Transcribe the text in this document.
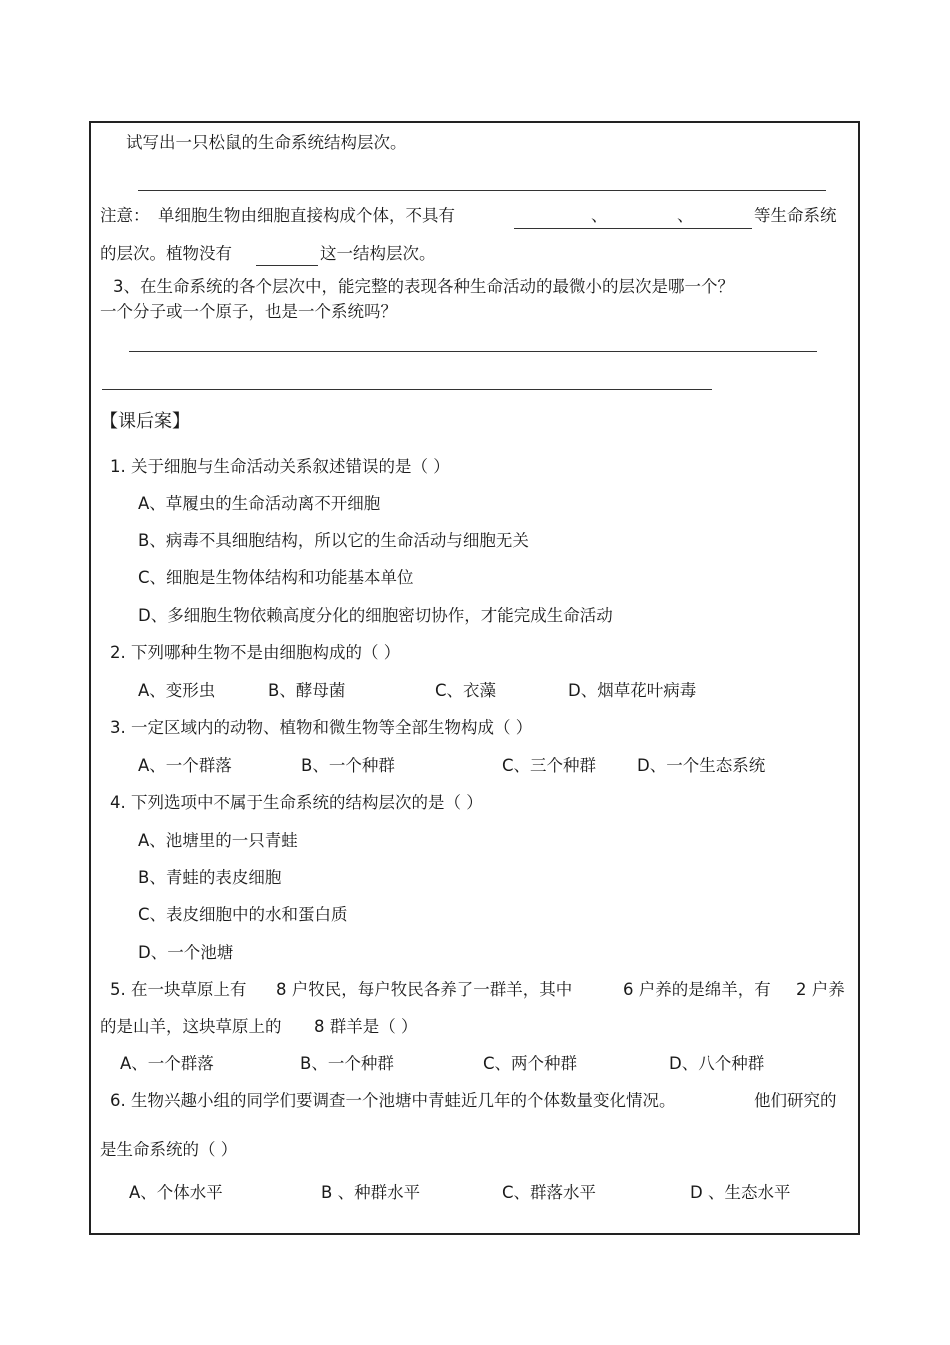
试写出一只松鼠的生命系统结构层次。
注意： 单细胞生物由细胞直接构成个体，不具有	、	、	等生命系统
的层次。植物没有	这一结构层次。
3、在生命系统的各个层次中，能完整的表现各种生命活动的最微小的层次是哪一个？
一个分子或一个原子，也是一个系统吗？
【课后案】
1. 关于细胞与生命活动关系叙述错误的是（ ）
A、草履虫的生命活动离不开细胞
B、病毒不具细胞结构，所以它的生命活动与细胞无关
C、细胞是生物体结构和功能基本单位
D、多细胞生物依赖高度分化的细胞密切协作，才能完成生命活动
2. 下列哪种生物不是由细胞构成的（ ）
A、变形虫	B、酵母菌	C、衣藻	D、烟草花叶病毒
3. 一定区域内的动物、植物和微生物等全部生物构成（ ）
A、一个群落	B、一个种群	C、三个种群 D、一个生态系统
4. 下列选项中不属于生命系统的结构层次的是（ ）
A、池塘里的一只青蛙
B、青蛙的表皮细胞
C、表皮细胞中的水和蛋白质
D、一个池塘
5. 在一块草原上有 8 户牧民，每户牧民各养了一群羊，其中	6 户养的是绵羊，有 2 户养
的是山羊，这块草原上的 8 群羊是（ ）
A、一个群落	B、一个种群	C、两个种群	D、八个种群
6. 生物兴趣小组的同学们要调查一个池塘中青蛙近几年的个体数量变化情况。	他们研究的
是生命系统的（ ）
A、个体水平	B 、种群水平	C、群落水平	D 、生态水平
